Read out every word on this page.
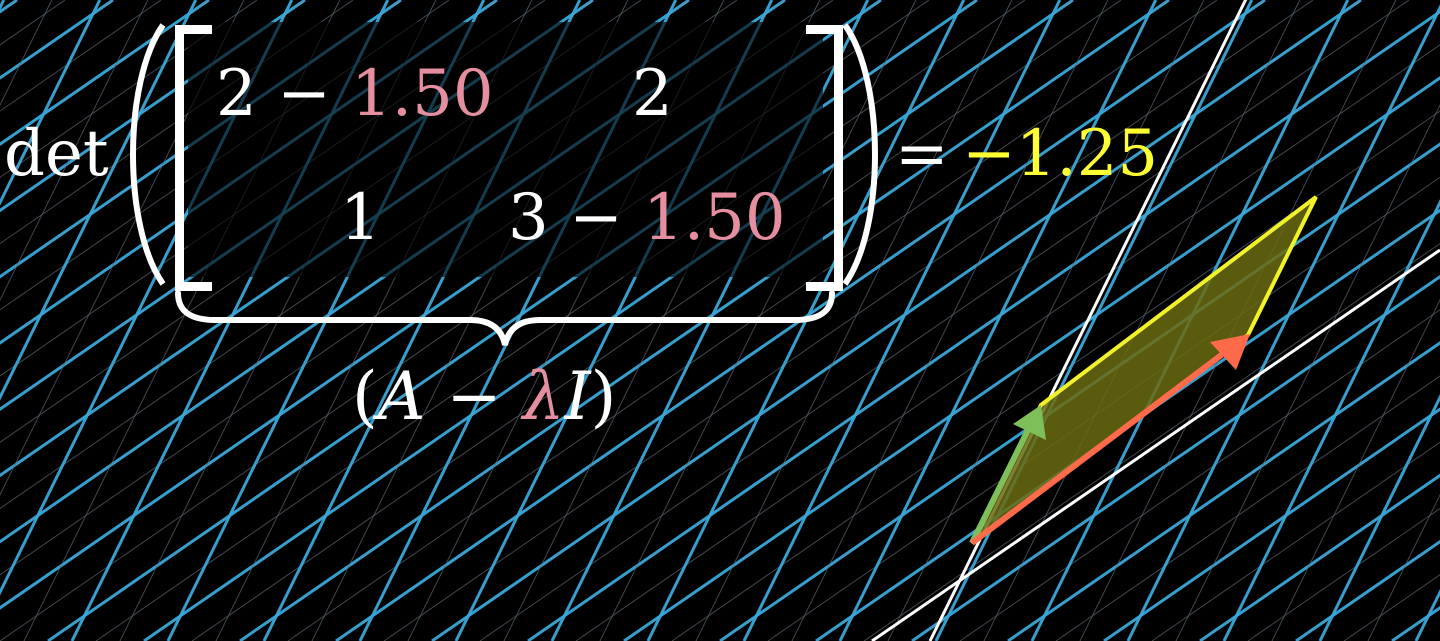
det
2 − 1.50 2
1 3 − 1.50
= −1.25
(A − λI)
